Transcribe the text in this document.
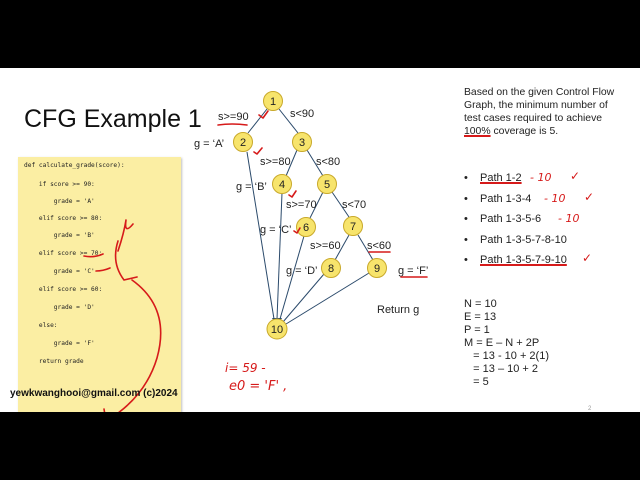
CFG Example 1
def calculate_grade(score):
if score >= 90:
grade = 'A'
elif score >= 80:
grade = 'B'
elif score >= 70:
grade = 'C'
elif score >= 60:
grade = 'D'
else:
grade = 'F'
return grade
1
2	3
4	5
6	7
8	9
10
s>=90	s<90
s>=80 s<80
s>=70 s<70
s>=60 s<60
g = ‘A’
g = ‘B’
g = ‘C’
g = ‘D’	g = ‘F’
Return g
Based on the given Control Flow Graph, the minimum number of test cases required to achieve 100% coverage is 5.
• Path 1-2 - 10 ✓
• Path 1-3-4 - 10 ✓
• Path 1-3-5-6 - 10
• Path 1-3-5-7-8-10
• Path 1-3-5-7-9-10 ✓
N = 10
E = 13
P = 1
M = E – N + 2P
= 13 - 10 + 2(1)
= 13 – 10 + 2
= 5
i= 59 -
e0 = 'F' ,
yewkwanghooi@gmail.com (c)2024
2
